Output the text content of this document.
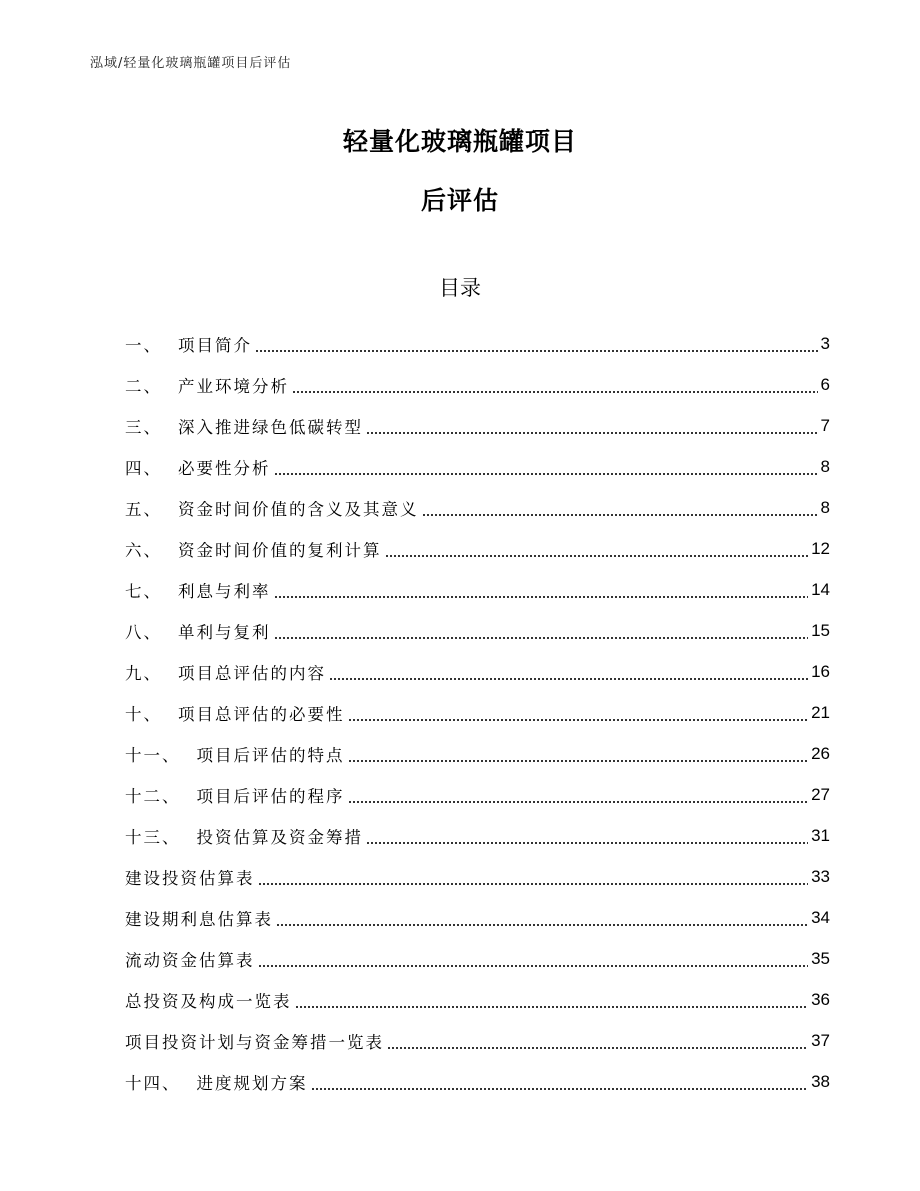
泓域/轻量化玻璃瓶罐项目后评估
轻量化玻璃瓶罐项目
后评估
目录
一、 项目简介	3
二、 产业环境分析	6
三、 深入推进绿色低碳转型	7
四、 必要性分析	8
五、 资金时间价值的含义及其意义	8
六、 资金时间价值的复利计算	12
七、 利息与利率	14
八、 单利与复利	15
九、 项目总评估的内容	16
十、 项目总评估的必要性	21
十一、 项目后评估的特点	26
十二、 项目后评估的程序	27
十三、 投资估算及资金筹措	31
建设投资估算表	33
建设期利息估算表	34
流动资金估算表	35
总投资及构成一览表	36
项目投资计划与资金筹措一览表	37
十四、 进度规划方案	38
